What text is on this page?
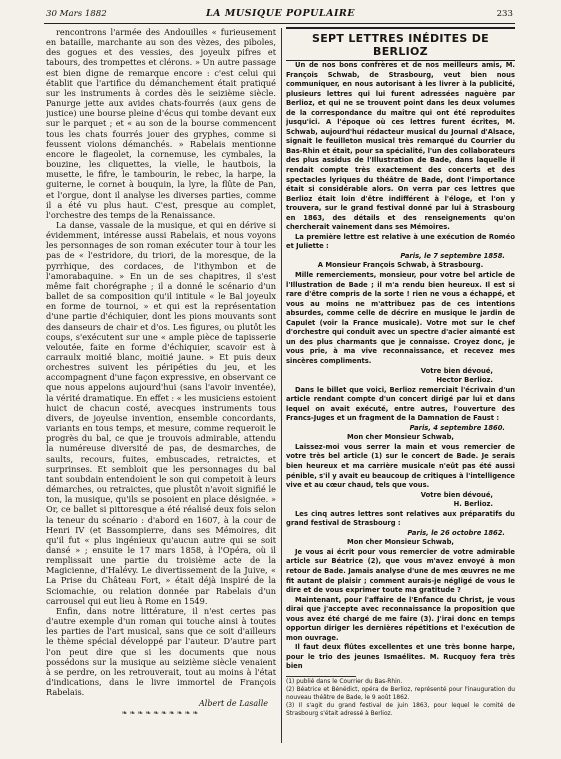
30 Mars 1882	LA MUSIQUE POPULAIRE	233

rencontrons l'armée des Andouilles « furieusement en bataille, marchante au son des vèzes, des piboles, des gogues et des vessies, des joyeulx pifres et tabours, des trompettes et clérons. » Un autre passage est bien digne de remarque encore : c'est celui qui établit que l'artifice du démanchement était pratiqué sur les instruments à cordes dès le seizième siècle. Panurge jette aux avides chats-fourrés (aux gens de justice) une bourse pleine d'écus qui tombe devant eux sur le parquet ; et « au son de la bourse commencent tous les chats fourrés jouer des gryphes, comme si feussent violons démanchés. » Rabelais mentionne encore le flageolet, la cornemuse, les cymbales, la bouzine, les cliquettes, la vielle, le hautbois, la musette, le fifre, le tambourin, le rebec, la harpe, la guiterne, le cornet à bouquin, la lyre, la flûte de Pan, et l'orgue, dont il analyse les diverses parties, comme il a été vu plus haut. C'est, presque au complet, l'orchestre des temps de la Renaissance.

La danse, vassale de la musique, et qui en dérive si évidemment, intéresse aussi Rabelais, et nous voyons les personnages de son roman exécuter tour à tour les pas de « l'estridore, du triori, de la moresque, de la pyrrhique, des cordaces, de l'ithymbon et de l'amorabaquine. » En un de ses chapitres, il s'est même fait chorégraphe ; il a donné le scénario d'un ballet de sa composition qu'il intitule « le Bal joyeulx en forme de tournoi, » et qui est la représentation d'une partie d'échiquier, dont les pions mouvants sont des danseurs de chair et d'os. Les figures, ou plutôt les coups, s'exécutent sur une « ample pièce de tapisserie veloutée, faite en forme d'échiquier, scavoir est à carraulx moitié blanc, moitié jaune. » Et puis deux orchestres suivent les péripéties du jeu, et les accompagnent d'une façon expressive, en observant ce que nous appelons aujourd'hui (sans l'avoir inventée), la vérité dramatique. En effet : « les musiciens estoient huict de chacun costé, avecques instruments tous divers, de joyeulse invention, ensemble concordants, variants en tous temps, et mesure, comme requeroit le progrès du bal, ce que je trouvois admirable, attendu la numéreuse diversité de pas, de desmarches, de saults, recours, fuites, embuscades, retraictes, et surprinses. Et sembloit que les personnages du bal tant soubdain entendoient le son qui competoit à leurs démarches, ou retraictes, que plustôt n'avoit signifié le ton, la musique, qu'ils se posoient en place désignée. » Or, ce ballet si pittoresque a été réalisé deux fois selon la teneur du scénario : d'abord en 1607, à la cour de Henri IV (et Bassompierre, dans ses Mémoires, dit qu'il fut « plus ingénieux qu'aucun autre qui se soit dansé » ; ensuite le 17 mars 1858, à l'Opéra, où il remplissait une partie du troisième acte de la Magicienne, d'Halévy. Le divertissement de la Juive, « La Prise du Château Fort, » était déjà inspiré de la Sciomachie, ou relation donnée par Rabelais d'un carrousel qui eut lieu à Rome en 1549.

Enfin, dans notre littérature, il n'est certes pas d'autre exemple d'un roman qui touche ainsi à toutes les parties de l'art musical, sans que ce soit d'ailleurs le thème spécial développé par l'auteur. D'autre part l'on peut dire que si les documents que nous possédons sur la musique au seizième siècle venaient à se perdre, on les retrouverait, tout au moins à l'état d'indications, dans le livre immortel de François Rabelais.

Albert de Lasalle
❧❧❧❧❧❧❧❧❧❧
SEPT LETTRES INÉDITES DE BERLIOZ

Un de nos bons confrères et de nos meilleurs amis, M. François Schwab, de Strasbourg, veut bien nous communiquer, en nous autorisant à les livrer à la publicité, plusieurs lettres qui lui furent adressées naguère par Berlioz, et qui ne se trouvent point dans les deux volumes de la correspondance du maître qui ont été reproduites jusqu'ici. A l'époque où ces lettres furent écrites, M. Schwab, aujourd'hui rédacteur musical du Journal d'Alsace, signait le feuilleton musical très remarqué du Courrier du Bas-Rhin et était, pour sa spécialité, l'un des collaborateurs des plus assidus de l'Illustration de Bade, dans laquelle il rendait compte très exactement des concerts et des spectacles lyriques du théâtre de Bade, dont l'importance était si considérable alors. On verra par ces lettres que Berlioz était loin d'être indifférent à l'éloge, et l'on y trouvera, sur le grand festival donné par lui à Strasbourg en 1863, des détails et des renseignements qu'on chercherait vainement dans ses Mémoires.

La première lettre est relative à une exécution de Roméo et Juliette :

Paris, le 7 septembre 1858.

A Monsieur François Schwab, à Strasbourg.

Mille remerciements, monsieur, pour votre bel article de l'Illustration de Bade ; il m'a rendu bien heureux. Il est si rare d'être compris de la sorte ! rien ne vous a échappé, et vous au moins ne m'attribuez pas de ces intentions absurdes, comme celle de décrire en musique le jardin de Capulet (voir la France musicale). Votre mot sur le chef d'orchestre qui conduit avec un spectre d'acier aimanté est un des plus charmants que je connaisse. Croyez donc, je vous prie, à ma vive reconnaissance, et recevez mes sincères compliments.

Votre bien dévoué,

Hector Berlioz.

Dans le billet que voici, Berlioz remerciait l'écrivain d'un article rendant compte d'un concert dirigé par lui et dans lequel on avait exécuté, entre autres, l'ouverture des Francs-Juges et un fragment de la Damnation de Faust :

Paris, 4 septembre 1860.

Mon cher Monsieur Schwab,

Laissez-moi vous serrer la main et vous remercier de votre très bel article (1) sur le concert de Bade. Je serais bien heureux et ma carrière musicale n'eût pas été aussi pénible, s'il y avait eu beaucoup de critiques à l'intelligence vive et au cœur chaud, tels que vous.

Votre bien dévoué,

H. Berlioz.

Les cinq autres lettres sont relatives aux préparatifs du grand festival de Strasbourg :

Paris, le 26 octobre 1862.

Mon cher Monsieur Schwab,

Je vous ai écrit pour vous remercier de votre admirable article sur Béatrice (2), que vous m'avez envoyé à mon retour de Bade. Jamais analyse d'une de mes œuvres ne me fit autant de plaisir ; comment aurais-je négligé de vous le dire et de vous exprimer toute ma gratitude ?

Maintenant, pour l'affaire de l'Enfance du Christ, je vous dirai que j'accepte avec reconnaissance la proposition que vous avez été chargé de me faire (3). J'irai donc en temps opportun diriger les dernières répétitions et l'exécution de mon ouvrage.

Il faut deux flûtes excellentes et une très bonne harpe, pour le trio des jeunes Ismaélites. M. Rucquoy fera très bien

(1) publié dans le Courrier du Bas-Rhin.

(2) Béatrice et Bénédict, opéra de Berlioz, représenté pour l'inauguration du nouveau théâtre de Bade, le 9 août 1862.

(3) Il s'agit du grand festival de juin 1863, pour lequel le comité de Strasbourg s'était adressé à Berlioz.
